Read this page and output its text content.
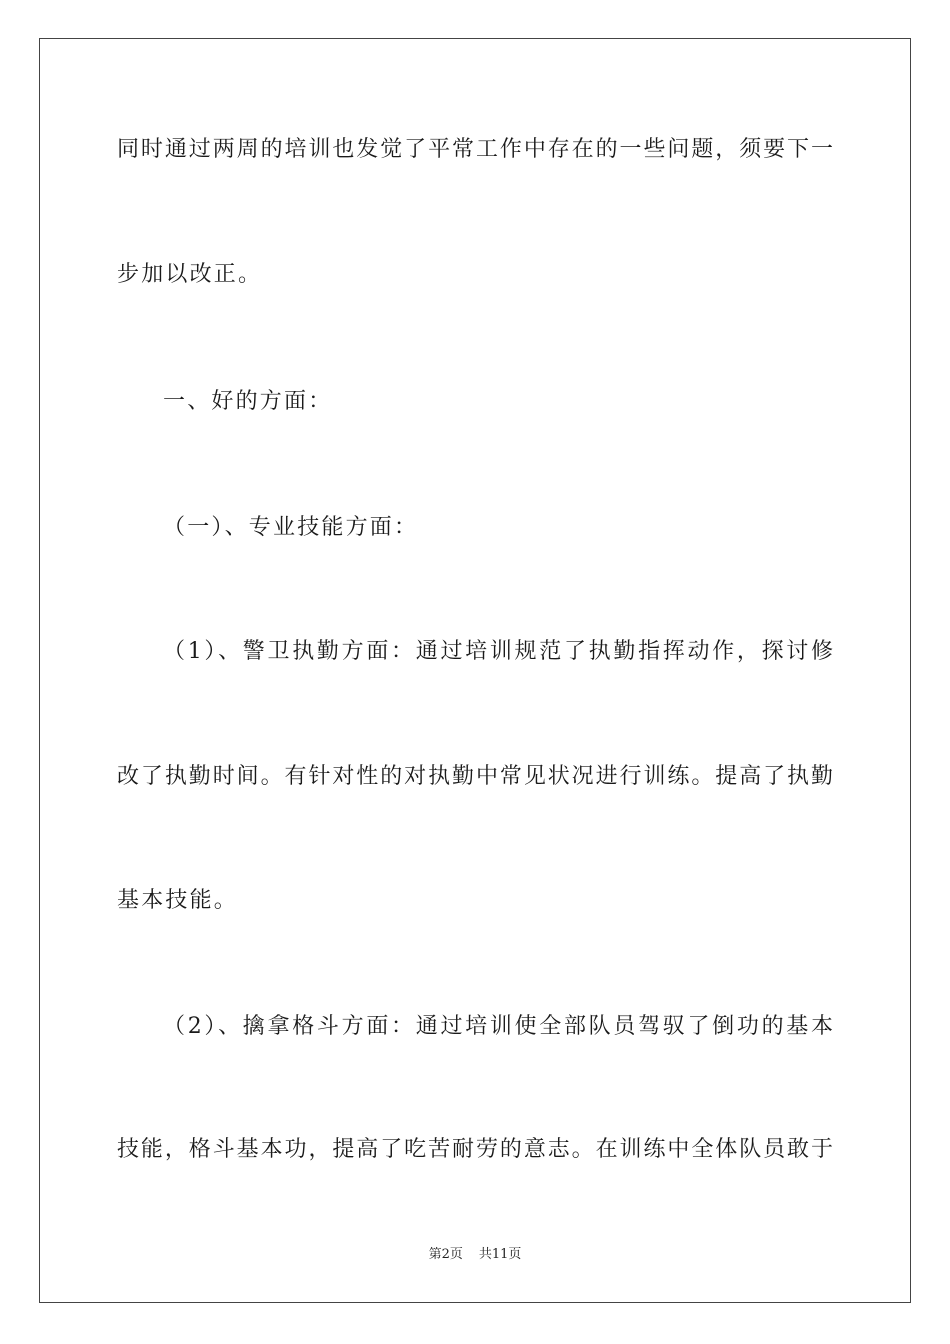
同时通过两周的培训也发觉了平常工作中存在的一些问题，须要下一
步加以改正。
一、好的方面：
（一）、专业技能方面：
（1）、警卫执勤方面：通过培训规范了执勤指挥动作，探讨修
改了执勤时间。有针对性的对执勤中常见状况进行训练。提高了执勤
基本技能。
（2）、擒拿格斗方面：通过培训使全部队员驾驭了倒功的基本
技能，格斗基本功，提高了吃苦耐劳的意志。在训练中全体队员敢于
第2页 共11页
